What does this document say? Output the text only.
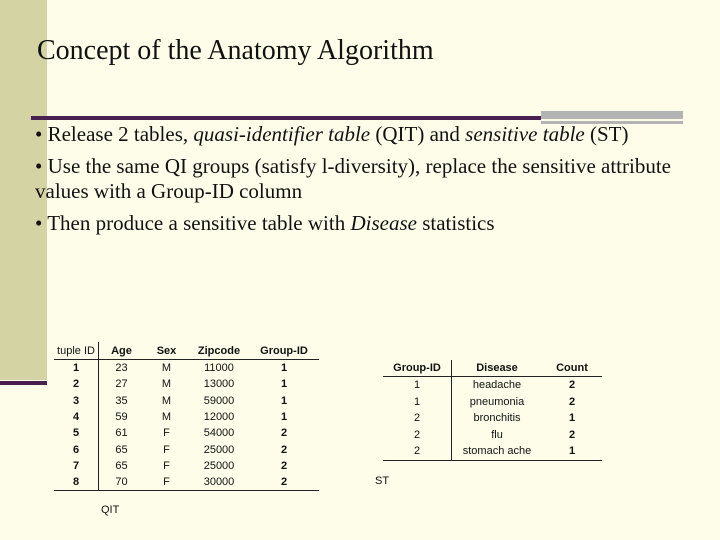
Concept of the Anatomy Algorithm

• Release 2 tables, quasi-identifier table (QIT) and sensitive table (ST)

• Use the same QI groups (satisfy l-diversity), replace the sensitive attribute values with a Group-ID column

• Then produce a sensitive table with Disease statistics

tuple ID	Age	Sex	Zipcode	Group-ID
1	23	M	11000	1
2	27	M	13000	1
3	35	M	59000	1
4	59	M	12000	1
5	61	F	54000	2
6	65	F	25000	2
7	65	F	25000	2
8	70	F	30000	2
QIT
Group-ID	Disease	Count
1	headache	2
1	pneumonia	2
2	bronchitis	1
2	flu	2
2	stomach ache	1
ST
